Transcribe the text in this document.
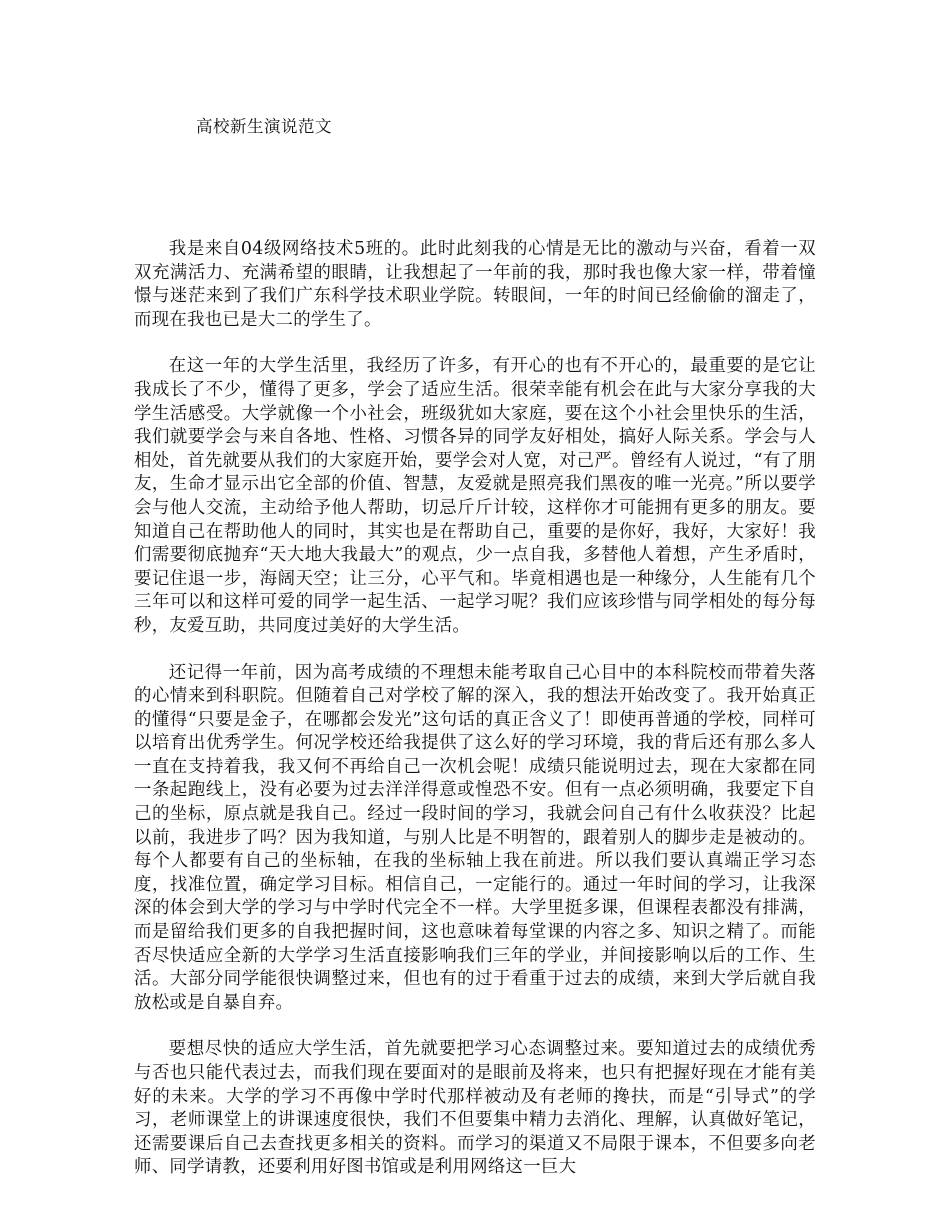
高校新生演说范文

我是来自04级网络技术5班的。此时此刻我的心情是无比的激动与兴奋，看着一双双充满活力、充满希望的眼睛，让我想起了一年前的我，那时我也像大家一样，带着憧憬与迷茫来到了我们广东科学技术职业学院。转眼间，一年的时间已经偷偷的溜走了，而现在我也已是大二的学生了。

在这一年的大学生活里，我经历了许多，有开心的也有不开心的，最重要的是它让我成长了不少，懂得了更多，学会了适应生活。很荣幸能有机会在此与大家分享我的大学生活感受。大学就像一个小社会，班级犹如大家庭，要在这个小社会里快乐的生活，我们就要学会与来自各地、性格、习惯各异的同学友好相处，搞好人际关系。学会与人相处，首先就要从我们的大家庭开始，要学会对人宽，对己严。曾经有人说过，“有了朋友，生命才显示出它全部的价值、智慧，友爱就是照亮我们黑夜的唯一光亮。”所以要学会与他人交流，主动给予他人帮助，切忌斤斤计较，这样你才可能拥有更多的朋友。要知道自己在帮助他人的同时，其实也是在帮助自己，重要的是你好，我好，大家好！我们需要彻底抛弃“天大地大我最大”的观点，少一点自我，多替他人着想，产生矛盾时，要记住退一步，海阔天空；让三分，心平气和。毕竟相遇也是一种缘分，人生能有几个三年可以和这样可爱的同学一起生活、一起学习呢？我们应该珍惜与同学相处的每分每秒，友爱互助，共同度过美好的大学生活。

还记得一年前，因为高考成绩的不理想未能考取自己心目中的本科院校而带着失落的心情来到科职院。但随着自己对学校了解的深入，我的想法开始改变了。我开始真正的懂得“只要是金子，在哪都会发光”这句话的真正含义了！即使再普通的学校，同样可以培育出优秀学生。何况学校还给我提供了这么好的学习环境，我的背后还有那么多人一直在支持着我，我又何不再给自己一次机会呢！成绩只能说明过去，现在大家都在同一条起跑线上，没有必要为过去洋洋得意或惶恐不安。但有一点必须明确，我要定下自己的坐标，原点就是我自己。经过一段时间的学习，我就会问自己有什么收获没？比起以前，我进步了吗？因为我知道，与别人比是不明智的，跟着别人的脚步走是被动的。每个人都要有自己的坐标轴，在我的坐标轴上我在前进。所以我们要认真端正学习态度，找准位置，确定学习目标。相信自己，一定能行的。通过一年时间的学习，让我深深的体会到大学的学习与中学时代完全不一样。大学里挺多课，但课程表都没有排满，而是留给我们更多的自我把握时间，这也意味着每堂课的内容之多、知识之精了。而能否尽快适应全新的大学学习生活直接影响我们三年的学业，并间接影响以后的工作、生活。大部分同学能很快调整过来，但也有的过于看重于过去的成绩，来到大学后就自我放松或是自暴自弃。

要想尽快的适应大学生活，首先就要把学习心态调整过来。要知道过去的成绩优秀与否也只能代表过去，而我们现在要面对的是眼前及将来，也只有把握好现在才能有美好的未来。大学的学习不再像中学时代那样被动及有老师的搀扶，而是“引导式”的学习，老师课堂上的讲课速度很快，我们不但要集中精力去消化、理解，认真做好笔记，还需要课后自己去查找更多相关的资料。而学习的渠道又不局限于课本，不但要多向老师、同学请教，还要利用好图书馆或是利用网络这一巨大
